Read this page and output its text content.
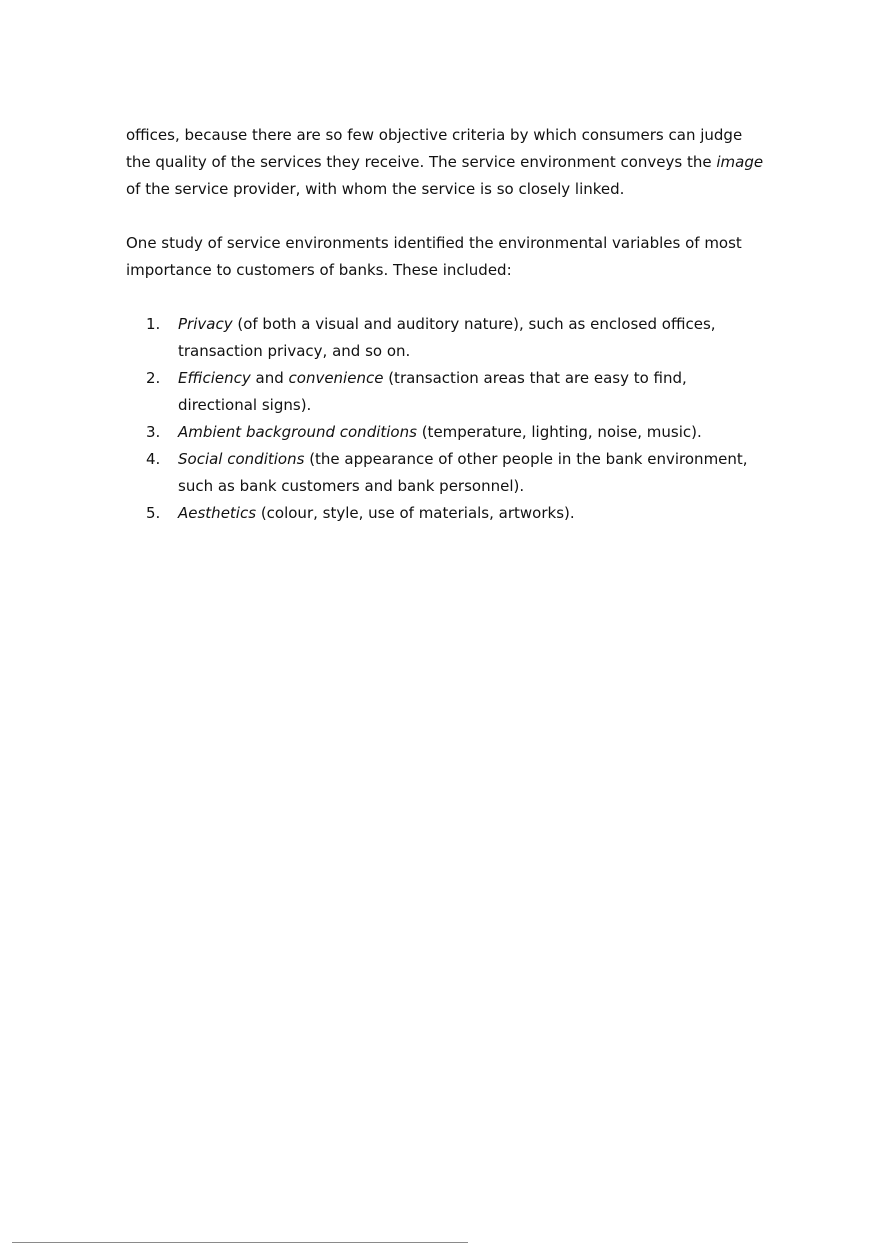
offices, because there are so few objective criteria by which consumers can judge the quality of the services they receive. The service environment conveys the image of the service provider, with whom the service is so closely linked.

One study of service environments identified the environmental variables of most importance to customers of banks. These included:

1. Privacy (of both a visual and auditory nature), such as enclosed offices, transaction privacy, and so on.
2. Efficiency and convenience (transaction areas that are easy to find, directional signs).
3. Ambient background conditions (temperature, lighting, noise, music).
4. Social conditions (the appearance of other people in the bank environment, such as bank customers and bank personnel).
5. Aesthetics (colour, style, use of materials, artworks).
